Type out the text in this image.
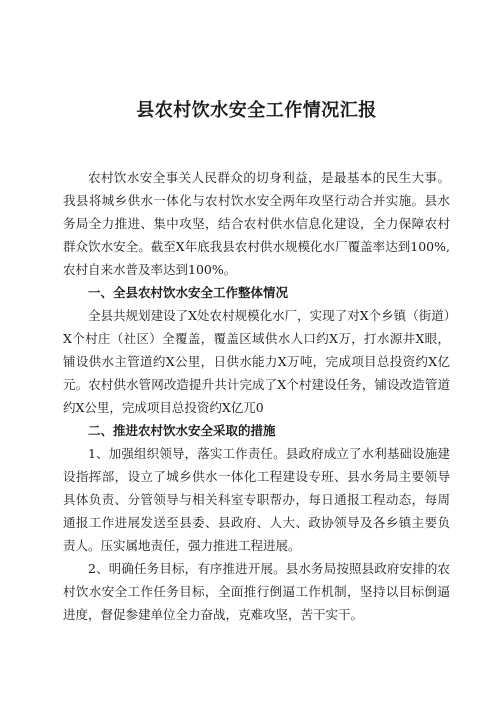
县农村饮水安全工作情况汇报

农村饮水安全事关人民群众的切身利益，是最基本的民生大事。我县将城乡供水一体化与农村饮水安全两年攻坚行动合并实施。县水务局全力推进、集中攻坚，结合农村供水信息化建设，全力保障农村群众饮水安全。截至X年底我县农村供水规模化水厂覆盖率达到100%,农村自来水普及率达到100%。

一、全县农村饮水安全工作整体情况

全县共规划建设了X处农村规模化水厂，实现了对X个乡镇（街道）X个村庄（社区）全覆盖，覆盖区域供水人口约X万，打水源井X眼，铺设供水主管道约X公里，日供水能力X万吨，完成项目总投资约X亿元。农村供水管网改造提升共计完成了X个村建设任务，铺设改造管道约X公里，完成项目总投资约X亿兀0

二、推进农村饮水安全采取的措施

1、加强组织领导，落实工作责任。县政府成立了水利基础设施建设指挥部，设立了城乡供水一体化工程建设专班、县水务局主要领导具体负责、分管领导与相关科室专职帮办，每日通报工程动态，每周通报工作进展发送至县委、县政府、人大、政协领导及各乡镇主要负责人。压实属地责任，强力推进工程进展。

2、明确任务目标，有序推进开展。县水务局按照县政府安排的农村饮水安全工作任务目标，全面推行倒逼工作机制，坚持以目标倒逼进度，督促参建单位全力奋战，克难攻坚，苦干实干。
